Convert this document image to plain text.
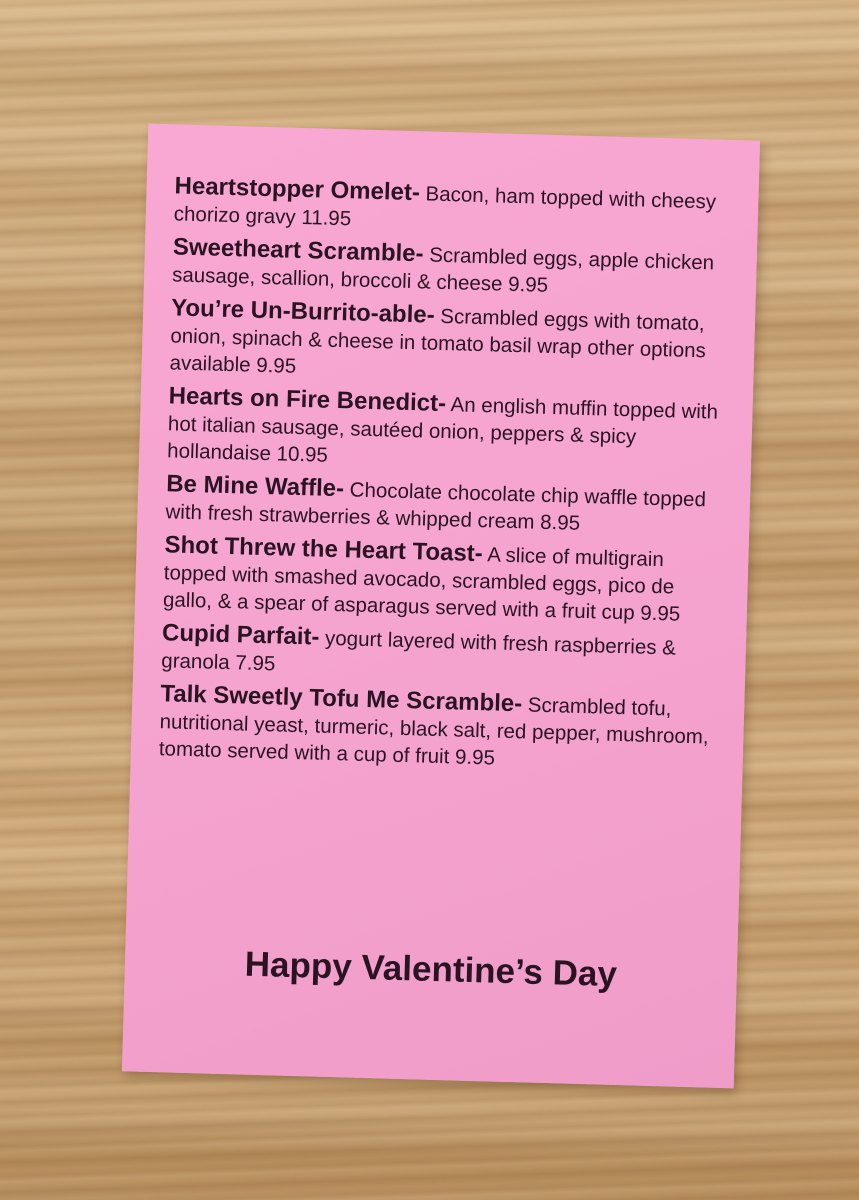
Heartstopper Omelet- Bacon, ham topped with cheesy chorizo gravy 11.95
Sweetheart Scramble- Scrambled eggs, apple chicken sausage, scallion, broccoli & cheese 9.95
You’re Un-Burrito-able- Scrambled eggs with tomato, onion, spinach & cheese in tomato basil wrap other options available 9.95
Hearts on Fire Benedict- An english muffin topped with hot italian sausage, sautéed onion, peppers & spicy hollandaise 10.95
Be Mine Waffle- Chocolate chocolate chip waffle topped with fresh strawberries & whipped cream 8.95
Shot Threw the Heart Toast- A slice of multigrain topped with smashed avocado, scrambled eggs, pico de gallo, & a spear of asparagus served with a fruit cup 9.95
Cupid Parfait- yogurt layered with fresh raspberries & granola 7.95
Talk Sweetly Tofu Me Scramble- Scrambled tofu, nutritional yeast, turmeric, black salt, red pepper, mushroom, tomato served with a cup of fruit 9.95
Happy Valentine’s Day
